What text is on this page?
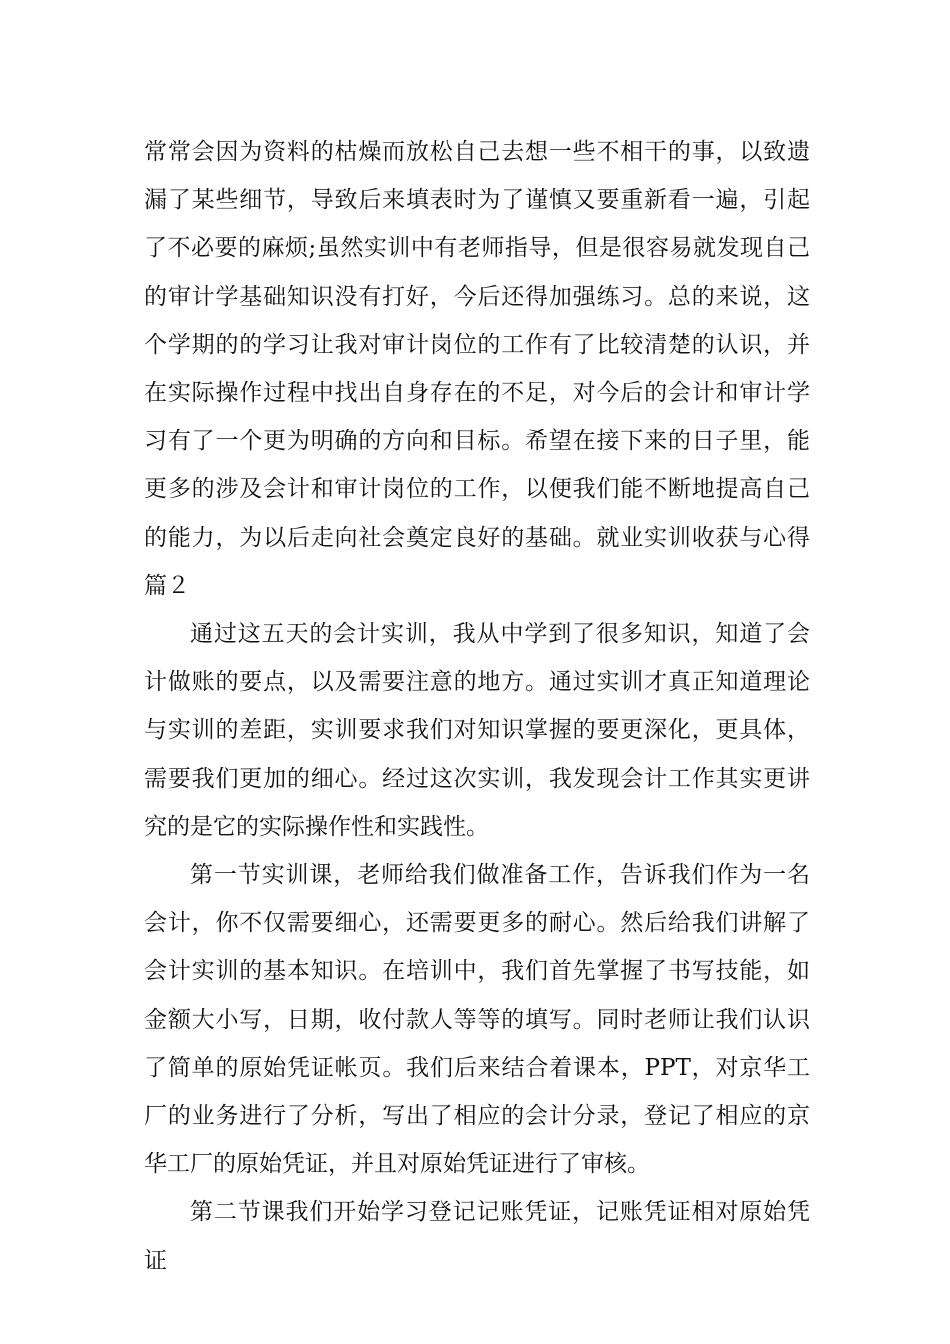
常常会因为资料的枯燥而放松自己去想一些不相干的事，以致遗漏了某些细节，导致后来填表时为了谨慎又要重新看一遍，引起了不必要的麻烦;虽然实训中有老师指导，但是很容易就发现自己的审计学基础知识没有打好，今后还得加强练习。总的来说，这个学期的的学习让我对审计岗位的工作有了比较清楚的认识，并在实际操作过程中找出自身存在的不足，对今后的会计和审计学习有了一个更为明确的方向和目标。希望在接下来的日子里，能更多的涉及会计和审计岗位的工作，以便我们能不断地提高自己的能力，为以后走向社会奠定良好的基础。就业实训收获与心得篇２

通过这五天的会计实训，我从中学到了很多知识，知道了会计做账的要点，以及需要注意的地方。通过实训才真正知道理论与实训的差距，实训要求我们对知识掌握的要更深化，更具体，需要我们更加的细心。经过这次实训，我发现会计工作其实更讲究的是它的实际操作性和实践性。

第一节实训课，老师给我们做准备工作，告诉我们作为一名会计，你不仅需要细心，还需要更多的耐心。然后给我们讲解了会计实训的基本知识。在培训中，我们首先掌握了书写技能，如金额大小写，日期，收付款人等等的填写。同时老师让我们认识了简单的原始凭证帐页。我们后来结合着课本，PPT，对京华工厂的业务进行了分析，写出了相应的会计分录，登记了相应的京华工厂的原始凭证，并且对原始凭证进行了审核。

第二节课我们开始学习登记记账凭证，记账凭证相对原始凭证
